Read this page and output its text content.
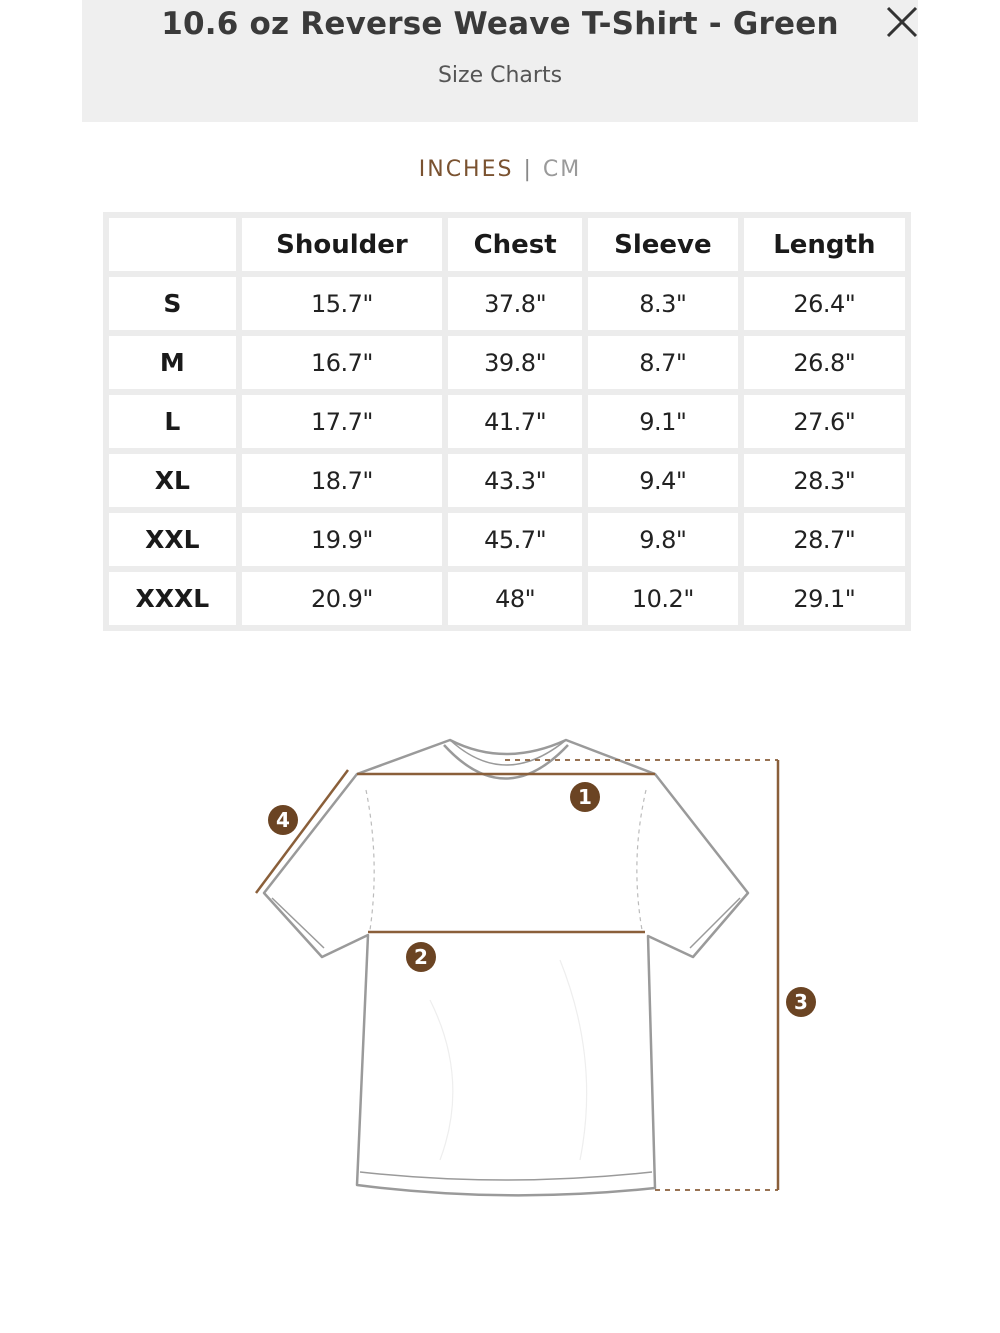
10.6 oz Reverse Weave T-Shirt - Green
Size Charts
INCHES | CM
	Shoulder	Chest	Sleeve	Length
S	15.7"	37.8"	8.3"	26.4"
M	16.7"	39.8"	8.7"	26.8"
L	17.7"	41.7"	9.1"	27.6"
XL	18.7"	43.3"	9.4"	28.3"
XXL	19.9"	45.7"	9.8"	28.7"
XXXL	20.9"	48"	10.2"	29.1"
1
2
3
4
